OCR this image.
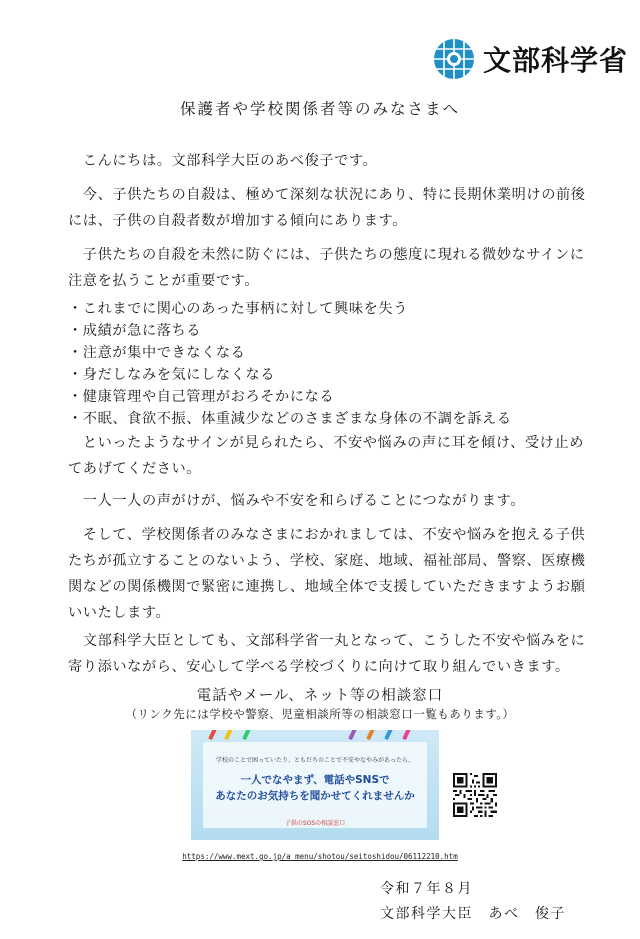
文部科学省
保護者や学校関係者等のみなさまへ
　こんにちは。文部科学大臣のあべ俊子です。
　今、子供たちの自殺は、極めて深刻な状況にあり、特に長期休業明けの前後には、子供の自殺者数が増加する傾向にあります。
　子供たちの自殺を未然に防ぐには、子供たちの態度に現れる微妙なサインに注意を払うことが重要です。
・これまでに関心のあった事柄に対して興味を失う
・成績が急に落ちる
・注意が集中できなくなる
・身だしなみを気にしなくなる
・健康管理や自己管理がおろそかになる
・不眠、食欲不振、体重減少などのさまざまな身体の不調を訴える
　といったようなサインが見られたら、不安や悩みの声に耳を傾け、受け止めてあげてください。
　一人一人の声がけが、悩みや不安を和らげることにつながります。
　そして、学校関係者のみなさまにおかれましては、不安や悩みを抱える子供たちが孤立することのないよう、学校、家庭、地域、福祉部局、警察、医療機関などの関係機関で緊密に連携し、地域全体で支援していただきますようお願いいたします。
　文部科学大臣としても、文部科学省一丸となって、こうした不安や悩みをに寄り添いながら、安心して学べる学校づくりに向けて取り組んでいきます。
電話やメール、ネット等の相談窓口
（リンク先には学校や警察、児童相談所等の相談窓口一覧もあります。）
学校のことで困っていたり、ともだちのことで不安やなやみがあったら、
一人でなやまず、電話やSNSで
あなたのお気持ちを聞かせてくれませんか
子供のSOSの相談窓口
https://www.mext.go.jp/a_menu/shotou/seitoshidou/06112210.htm
令和７年８月
文部科学大臣　あべ　俊子
